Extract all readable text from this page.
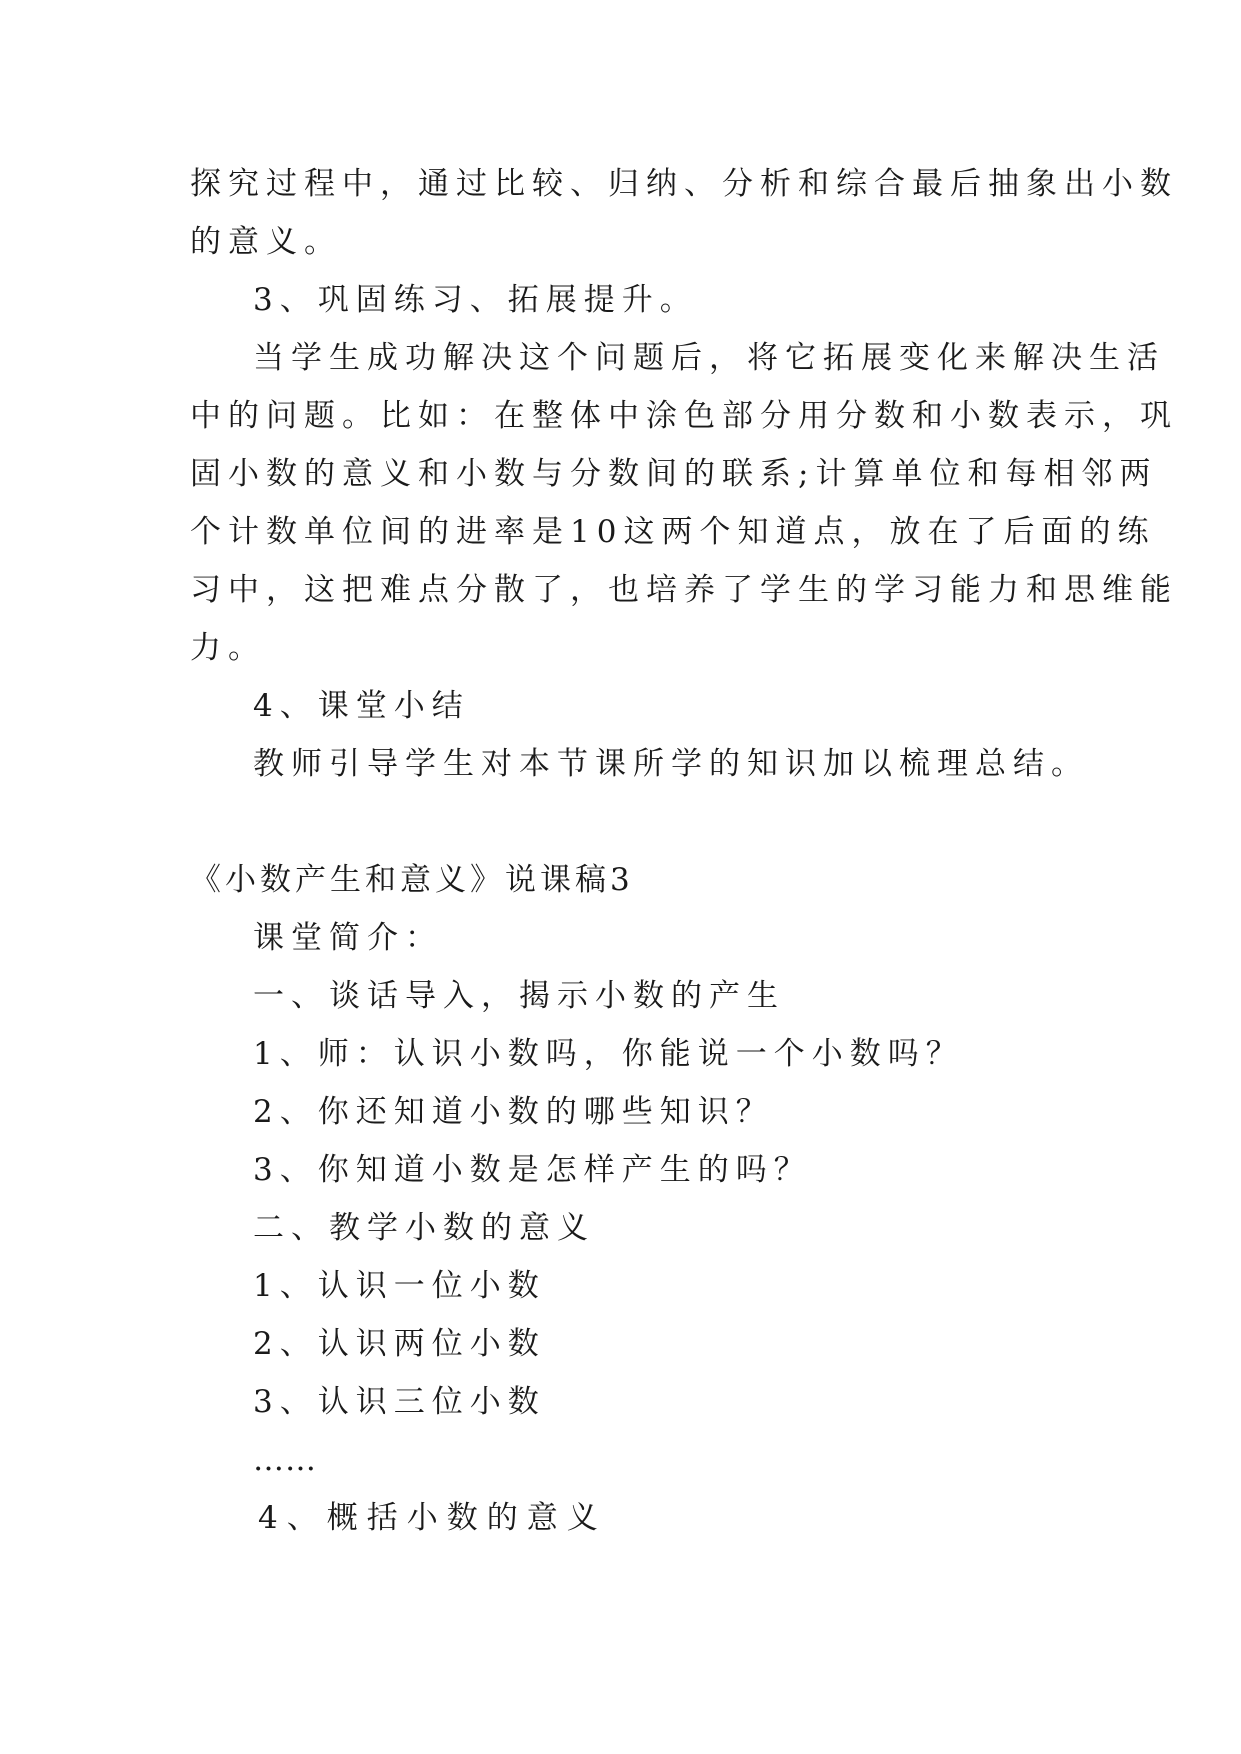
探究过程中，通过比较、归纳、分析和综合最后抽象出小数
的意义。
3、巩固练习、拓展提升。
当学生成功解决这个问题后，将它拓展变化来解决生活
中的问题。比如：在整体中涂色部分用分数和小数表示，巩
固小数的意义和小数与分数间的联系;计算单位和每相邻两
个计数单位间的进率是10这两个知道点，放在了后面的练
习中，这把难点分散了，也培养了学生的学习能力和思维能
力。
4、课堂小结
教师引导学生对本节课所学的知识加以梳理总结。
《小数产生和意义》说课稿3
课堂简介：
一、谈话导入，揭示小数的产生
1、师：认识小数吗，你能说一个小数吗？
2、你还知道小数的哪些知识？
3、你知道小数是怎样产生的吗？
二、教学小数的意义
1、认识一位小数
2、认识两位小数
3、认识三位小数
……
4、概括小数的意义
